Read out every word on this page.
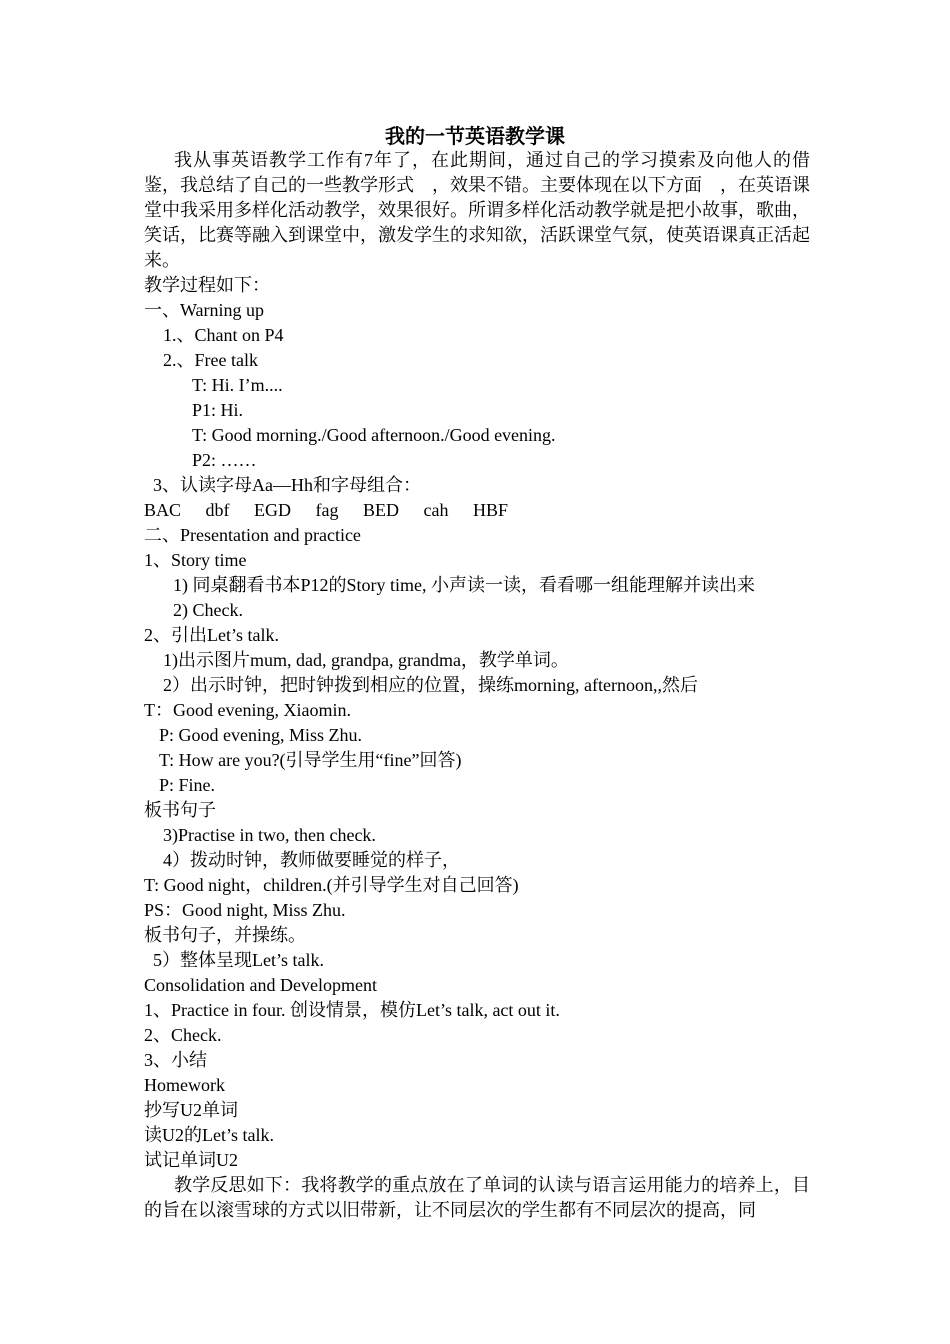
我的一节英语教学课

我从事英语教学工作有7年了，在此期间，通过自己的学习摸索及向他人的借鉴，我总结了自己的一些教学形式　，效果不错。主要体现在以下方面　，在英语课堂中我采用多样化活动教学，效果很好。所谓多样化活动教学就是把小故事，歌曲，笑话，比赛等融入到课堂中，激发学生的求知欲，活跃课堂气氛，使英语课真正活起来。

教学过程如下：
一、Warning up
1.、Chant on P4
2.、Free talk
T: Hi. I’m....
P1: Hi.
T: Good morning./Good afternoon./Good evening.
P2: ……
3、认读字母Aa—Hh和字母组合：
BAC dbf EGD fag BED cah HBF
二、Presentation and practice
1、Story time
1) 同桌翻看书本P12的Story time, 小声读一读，看看哪一组能理解并读出来
2) Check.
2、引出Let’s talk.
1)出示图片mum, dad, grandpa, grandma，教学单词。
2）出示时钟，把时钟拨到相应的位置，操练morning, afternoon,,然后
T：Good evening, Xiaomin.
P: Good evening, Miss Zhu.
T: How are you?(引导学生用“fine”回答)
P: Fine.
板书句子
3)Practise in two, then check.
4）拨动时钟，教师做要睡觉的样子，
T: Good night，children.(并引导学生对自己回答)
PS：Good night, Miss Zhu.
板书句子，并操练。
5）整体呈现Let’s talk.
Consolidation and Development
1、Practice in four. 创设情景，模仿Let’s talk, act out it.
2、Check.
3、小结
Homework
抄写U2单词
读U2的Let’s talk.
试记单词U2

教学反思如下：我将教学的重点放在了单词的认读与语言运用能力的培养上，目的旨在以滚雪球的方式以旧带新，让不同层次的学生都有不同层次的提高，同
